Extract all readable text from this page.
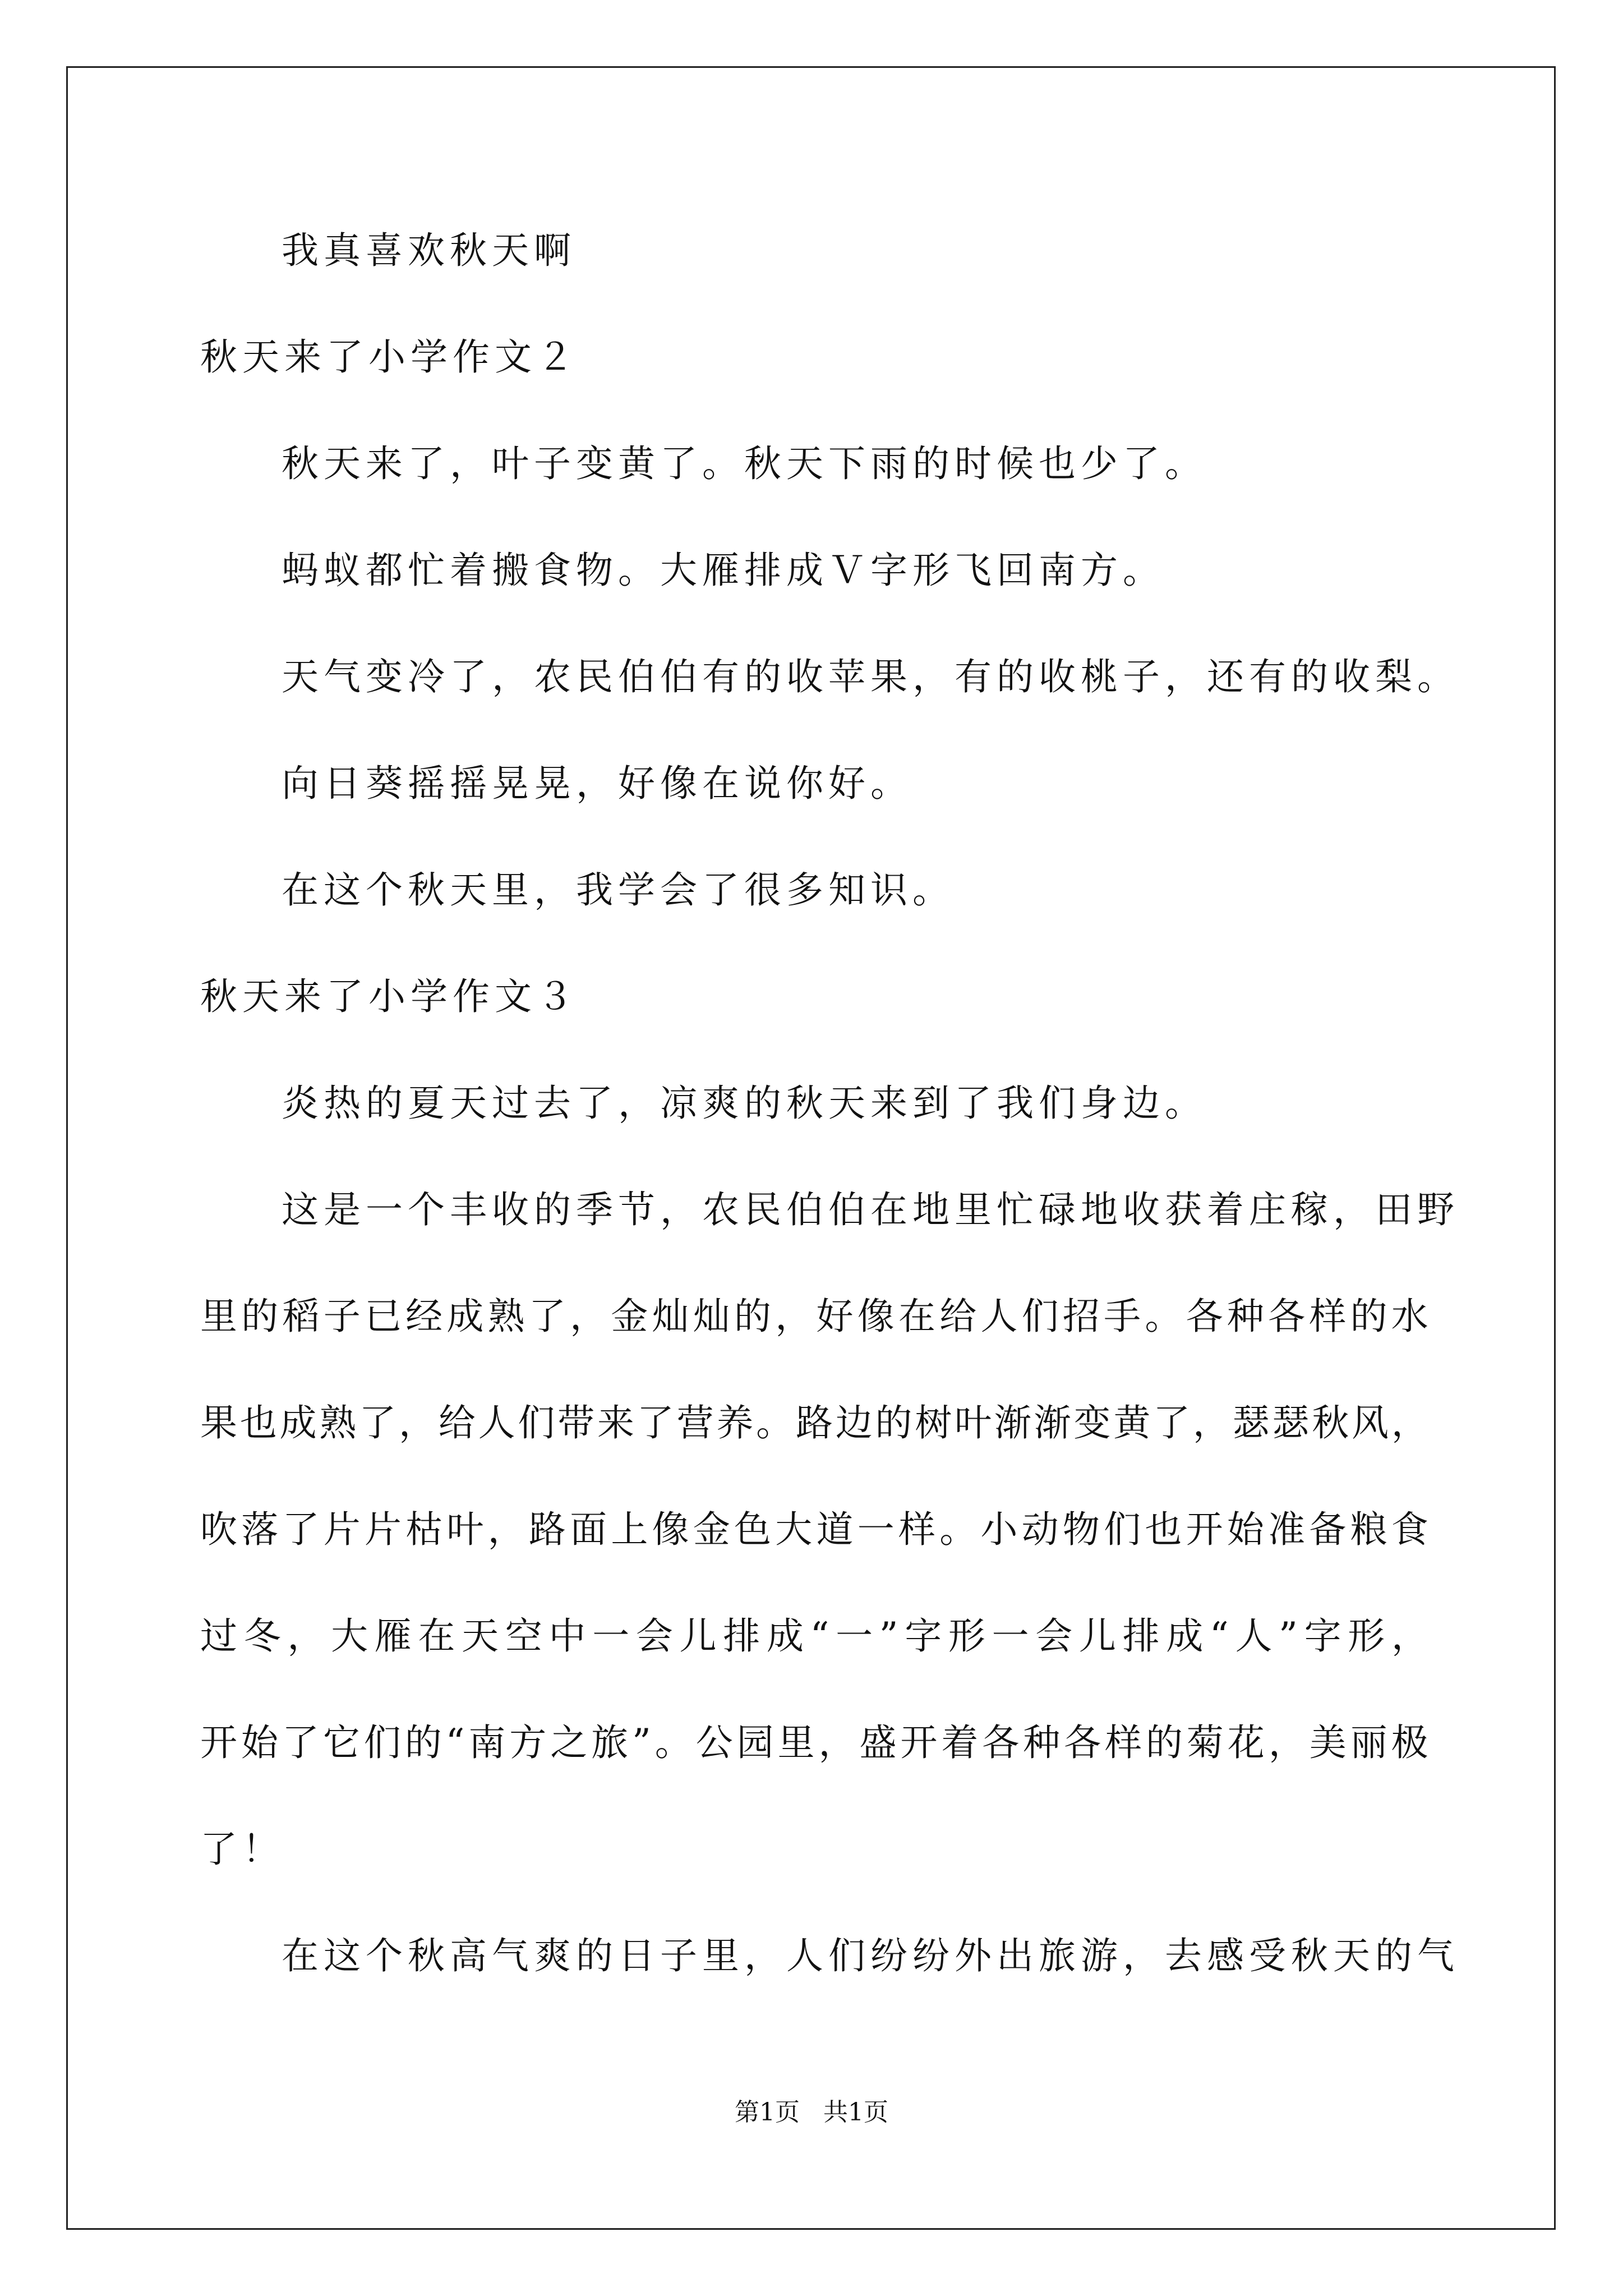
我真喜欢秋天啊
秋天来了小学作文２
秋天来了，叶子变黄了。秋天下雨的时候也少了。
蚂蚁都忙着搬食物。大雁排成Ｖ字形飞回南方。
天气变冷了，农民伯伯有的收苹果，有的收桃子，还有的收梨。
向日葵摇摇晃晃，好像在说你好。
在这个秋天里，我学会了很多知识。
秋天来了小学作文３
炎热的夏天过去了，凉爽的秋天来到了我们身边。
这是一个丰收的季节，农民伯伯在地里忙碌地收获着庄稼，田野
里 的 稻 子 已 经 成 熟 了 ， 金 灿 灿 的 ， 好 像 在 给 人 们 招 手 。 各 种 各 样 的 水
果 也 成 熟 了 ， 给 人 们 带 来 了 营 养 。 路 边 的 树 叶 渐 渐 变 黄 了 ， 瑟 瑟 秋 风 ，
吹 落 了 片 片 枯 叶 ， 路 面 上 像 金 色 大 道 一 样 。 小 动 物 们 也 开 始 准 备 粮 食
过 冬 ， 大 雁 在 天 空 中 一 会 儿 排 成 “ 一 ” 字 形 一 会 儿 排 成 “ 人 ” 字 形 ，
开 始 了 它 们 的 “ 南 方 之 旅 ” 。 公 园 里 ， 盛 开 着 各 种 各 样 的 菊 花 ， 美 丽 极
了！
在这个秋高气爽的日子里，人们纷纷外出旅游，去感受秋天的气
第1页   共1页
